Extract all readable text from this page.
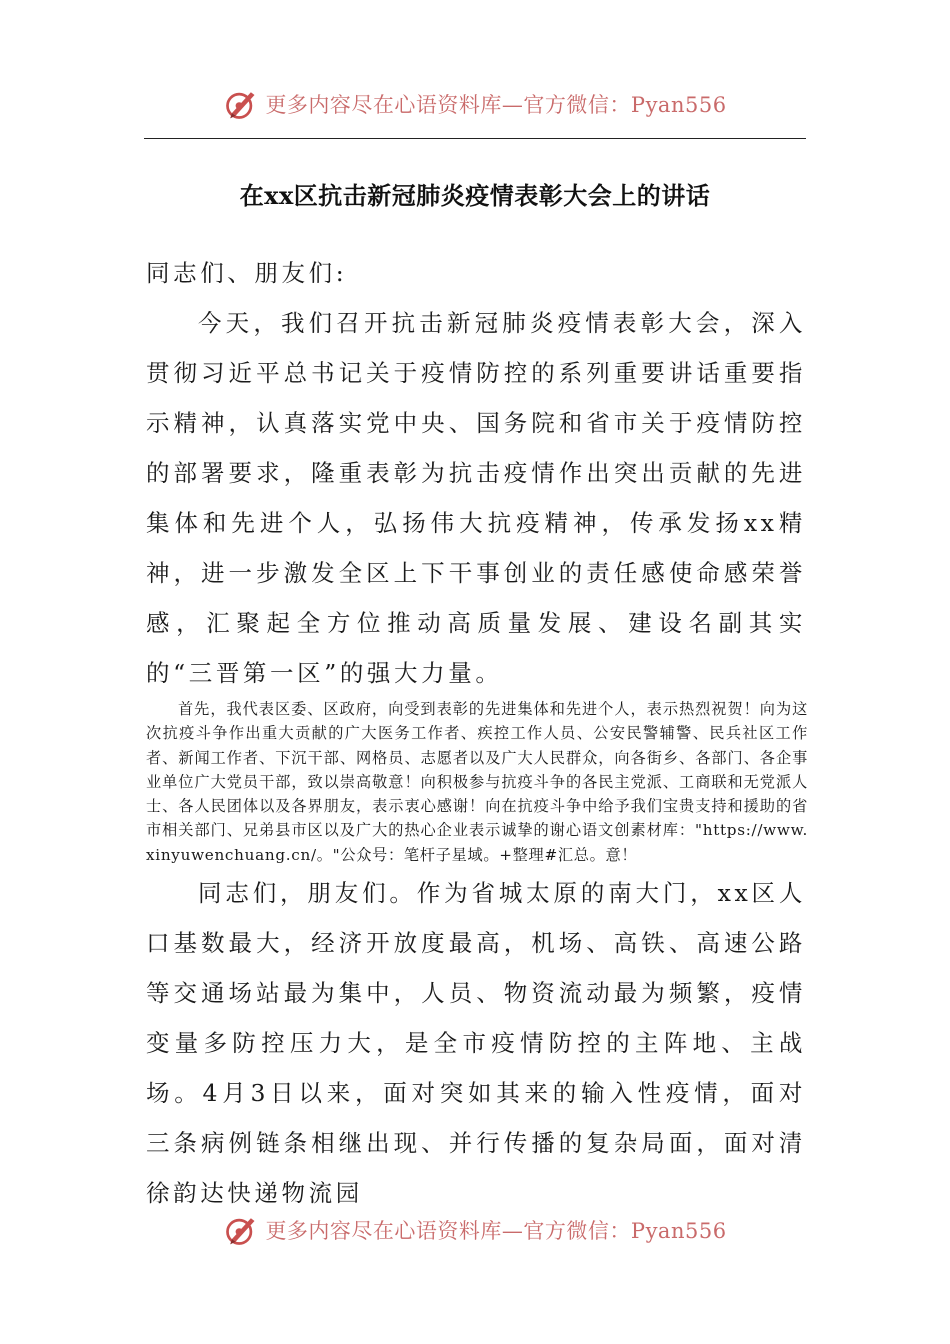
更多内容尽在心语资料库—官方微信：Pyan556
在xx区抗击新冠肺炎疫情表彰大会上的讲话
同志们、朋友们:
今天，我们召开抗击新冠肺炎疫情表彰大会，深入贯彻习近平总书记关于疫情防控的系列重要讲话重要指示精神，认真落实党中央、国务院和省市关于疫情防控的部署要求，隆重表彰为抗击疫情作出突出贡献的先进集体和先进个人，弘扬伟大抗疫精神，传承发扬xx精神，进一步激发全区上下干事创业的责任感使命感荣誉感，汇聚起全方位推动高质量发展、建设名副其实的“三晋第一区”的强大力量。
首先，我代表区委、区政府，向受到表彰的先进集体和先进个人，表示热烈祝贺！向为这次抗疫斗争作出重大贡献的广大医务工作者、疾控工作人员、公安民警辅警、民兵社区工作者、新闻工作者、下沉干部、网格员、志愿者以及广大人民群众，向各街乡、各部门、各企事业单位广大党员干部，致以崇高敬意！向积极参与抗疫斗争的各民主党派、工商联和无党派人士、各人民团体以及各界朋友，表示衷心感谢！向在抗疫斗争中给予我们宝贵支持和援助的省市相关部门、兄弟县市区以及广大的热心企业表示诚挚的谢心语文创素材库："https://www.xinyuwenchuang.cn/。"公众号：笔杆子星域。+整理#汇总。意！
同志们，朋友们。作为省城太原的南大门，xx区人口基数最大，经济开放度最高，机场、高铁、高速公路等交通场站最为集中，人员、物资流动最为频繁，疫情变量多防控压力大，是全市疫情防控的主阵地、主战场。4月3日以来，面对突如其来的输入性疫情，面对三条病例链条相继出现、并行传播的复杂局面，面对清徐韵达快递物流园
更多内容尽在心语资料库—官方微信：Pyan556
